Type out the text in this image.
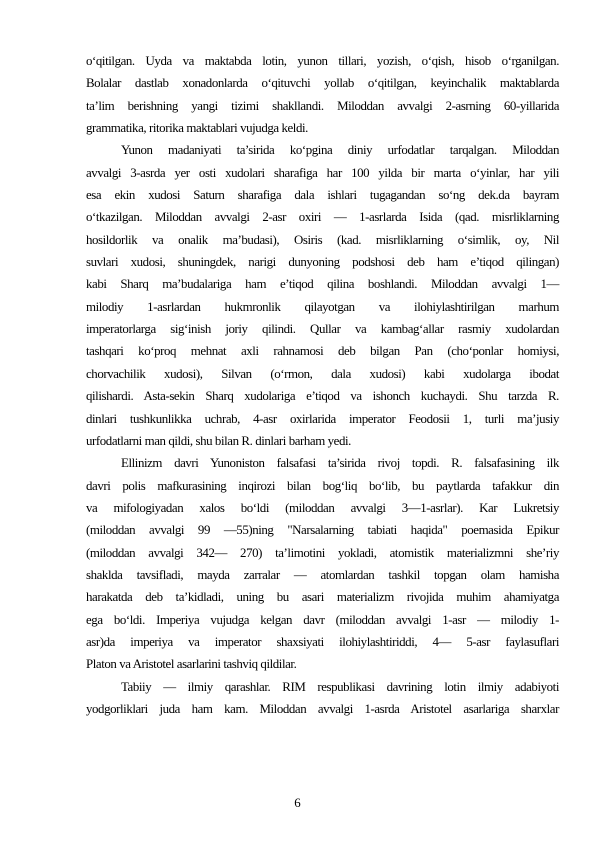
o‘qitilgan. Uyda va maktabda lotin, yunon tillari, yozish, o‘qish, hisob o‘rganilgan.
Bolalar dastlab xonadonlarda o‘qituvchi yollab o‘qitilgan, keyinchalik maktablarda
ta’lim berishning yangi tizimi shakllandi. Miloddan avvalgi 2-asrning 60-yillarida
grammatika, ritorika maktablari vujudga keldi.
Yunon madaniyati ta’sirida ko‘pgina diniy urfodatlar tarqalgan. Miloddan
avvalgi 3-asrda yer osti xudolari sharafiga har 100 yilda bir marta o‘yinlar, har yili
esa ekin xudosi Saturn sharafiga dala ishlari tugagandan so‘ng dek.da bayram
o‘tkazilgan. Miloddan avvalgi 2-asr oxiri — 1-asrlarda Isida (qad. misrliklarning
hosildorlik va onalik ma’budasi), Osiris (kad. misrliklarning o‘simlik, oy, Nil
suvlari xudosi, shuningdek, narigi dunyoning podshosi deb ham e’tiqod qilingan)
kabi Sharq ma’budalariga ham e’tiqod qilina boshlandi. Miloddan avvalgi 1—
milodiy 1-asrlardan hukmronlik qilayotgan va ilohiylashtirilgan marhum
imperatorlarga sig‘inish joriy qilindi. Qullar va kambag‘allar rasmiy xudolardan
tashqari ko‘proq mehnat axli rahnamosi deb bilgan Pan (cho‘ponlar homiysi,
chorvachilik xudosi), Silvan (o‘rmon, dala xudosi) kabi xudolarga ibodat
qilishardi. Asta-sekin Sharq xudolariga e’tiqod va ishonch kuchaydi. Shu tarzda R.
dinlari tushkunlikka uchrab, 4-asr oxirlarida imperator Feodosii 1, turli ma’jusiy
urfodatlarni man qildi, shu bilan R. dinlari barham yedi.
Ellinizm davri Yunoniston falsafasi ta’sirida rivoj topdi. R. falsafasining ilk
davri polis mafkurasining inqirozi bilan bog‘liq bo‘lib, bu paytlarda tafakkur din
va mifologiyadan xalos bo‘ldi (miloddan avvalgi 3—1-asrlar). Kar Lukretsiy
(miloddan avvalgi 99 —55)ning "Narsalarning tabiati haqida" poemasida Epikur
(miloddan avvalgi 342— 270) ta’limotini yokladi, atomistik materializmni she’riy
shaklda tavsifladi, mayda zarralar — atomlardan tashkil topgan olam hamisha
harakatda deb ta’kidladi, uning bu asari materializm rivojida muhim ahamiyatga
ega bo‘ldi. Imperiya vujudga kelgan davr (miloddan avvalgi 1-asr — milodiy 1-
asr)da imperiya va imperator shaxsiyati ilohiylashtiriddi, 4— 5-asr faylasuflari
Platon va Aristotel asarlarini tashviq qildilar.
Tabiiy — ilmiy qarashlar. RIM respublikasi davrining lotin ilmiy adabiyoti
yodgorliklari juda ham kam. Miloddan avvalgi 1-asrda Aristotel asarlariga sharxlar
6
